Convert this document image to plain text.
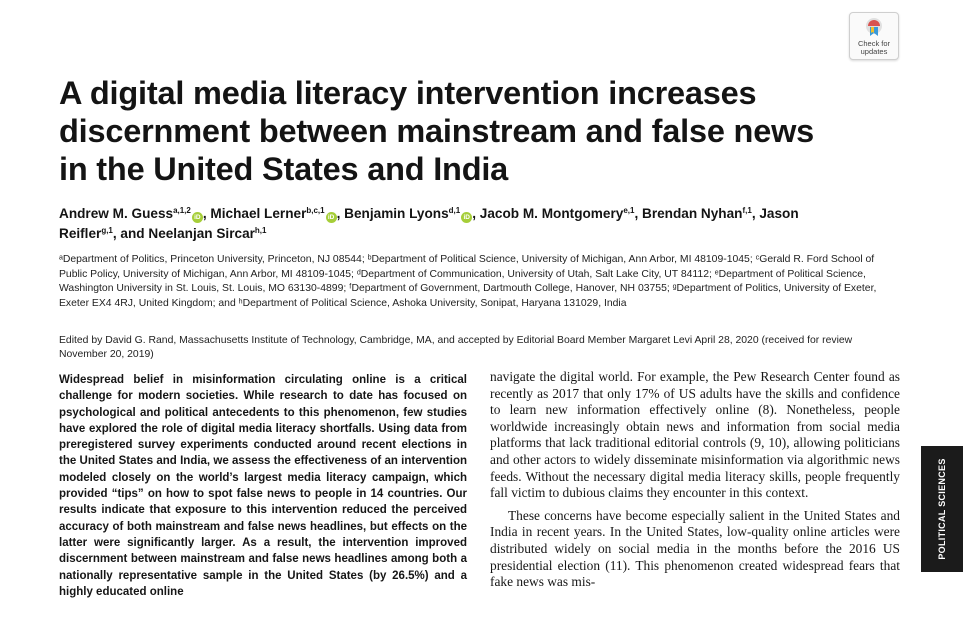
Check for
updates
A digital media literacy intervention increases discernment between mainstream and false news in the United States and India
Andrew M. Guess$^{a,1,2}$iD , Michael Lerner$^{b,c,1}$iD , Benjamin Lyons$^{d,1}$iD , Jacob M. Montgomery$^{e,1}$, Brendan Nyhan$^{f,1}$, Jason Reifler$^{g,1}$, and Neelanjan Sircar$^{h,1}$

ᵃDepartment of Politics, Princeton University, Princeton, NJ 08544; ᵇDepartment of Political Science, University of Michigan, Ann Arbor, MI 48109-1045; ᶜGerald R. Ford School of Public Policy, University of Michigan, Ann Arbor, MI 48109-1045; ᵈDepartment of Communication, University of Utah, Salt Lake City, UT 84112; ᵉDepartment of Political Science, Washington University in St. Louis, St. Louis, MO 63130-4899; ᶠDepartment of Government, Dartmouth College, Hanover, NH 03755; ᵍDepartment of Politics, University of Exeter, Exeter EX4 4RJ, United Kingdom; and ʰDepartment of Political Science, Ashoka University, Sonipat, Haryana 131029, India

Edited by David G. Rand, Massachusetts Institute of Technology, Cambridge, MA, and accepted by Editorial Board Member Margaret Levi April 28, 2020 (received for review November 20, 2019)

Widespread belief in misinformation circulating online is a critical challenge for modern societies. While research to date has focused on psychological and political antecedents to this phenomenon, few studies have explored the role of digital media literacy shortfalls. Using data from preregistered survey experiments conducted around recent elections in the United States and India, we assess the effectiveness of an intervention modeled closely on the world’s largest media literacy campaign, which provided “tips” on how to spot false news to people in 14 countries. Our results indicate that exposure to this intervention reduced the perceived accuracy of both mainstream and false news headlines, but effects on the latter were significantly larger. As a result, the intervention improved discernment between mainstream and false news headlines among both a nationally representative sample in the United States (by 26.5%) and a highly educated online

navigate the digital world. For example, the Pew Research Center found as recently as 2017 that only 17% of US adults have the skills and confidence to learn new information effectively online (8). Nonetheless, people worldwide increasingly obtain news and information from social media platforms that lack traditional editorial controls (9, 10), allowing politicians and other actors to widely disseminate misinformation via algorithmic news feeds. Without the necessary digital media literacy skills, people frequently fall victim to dubious claims they encounter in this context.

These concerns have become especially salient in the United States and India in recent years. In the United States, low-quality online articles were distributed widely on social media in the months before the 2016 US presidential election (11). This phenomenon created widespread fears that fake news was mis-

POLITICAL SCIENCES
